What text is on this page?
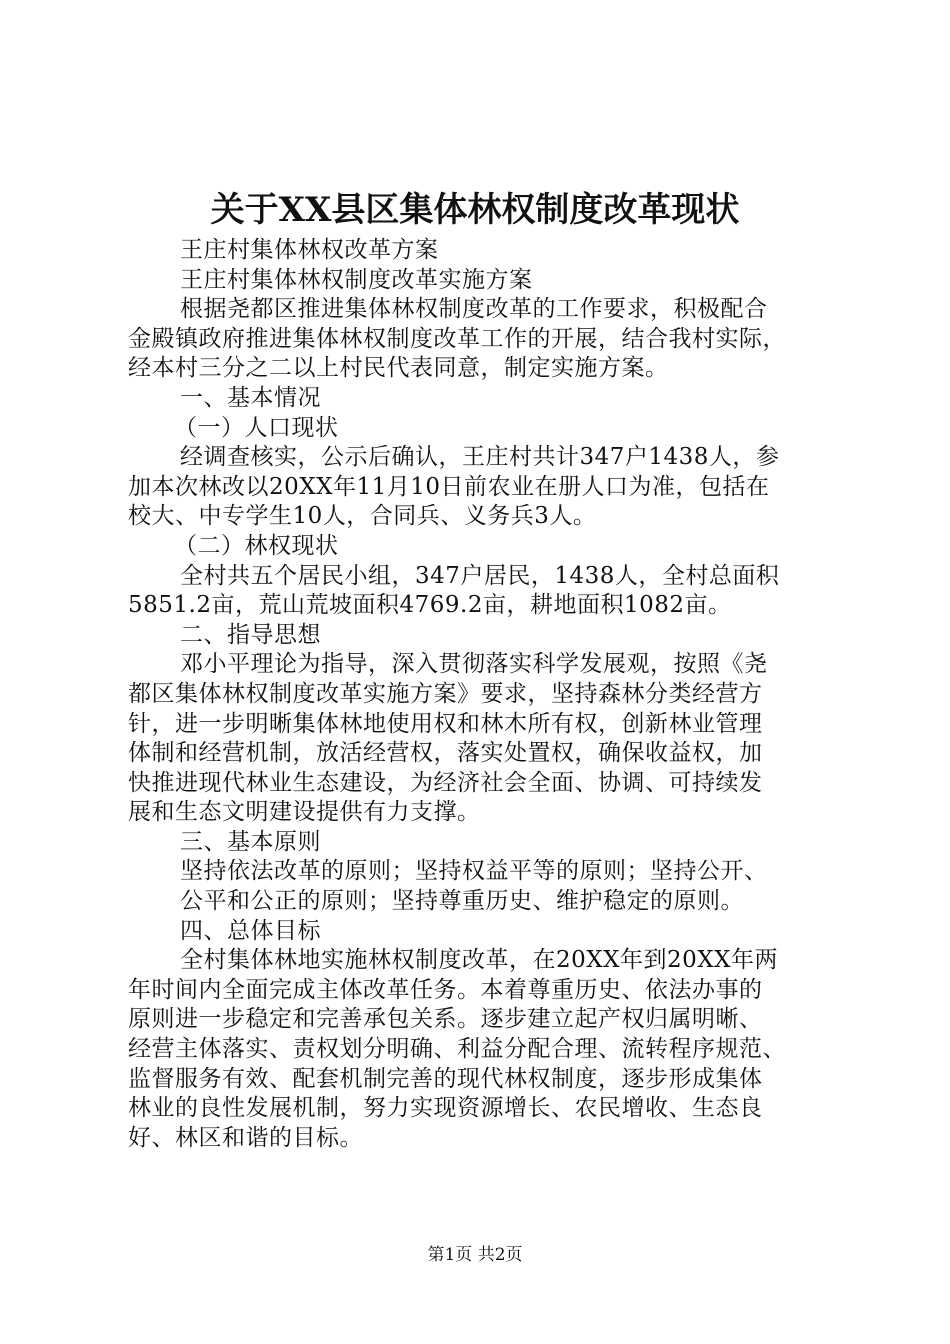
关于XX县区集体林权制度改革现状
王庄村集体林权改革方案
王庄村集体林权制度改革实施方案
根据尧都区推进集体林权制度改革的工作要求，积极配合
金殿镇政府推进集体林权制度改革工作的开展，结合我村实际，
经本村三分之二以上村民代表同意，制定实施方案。
一、基本情况
（一）人口现状
经调查核实，公示后确认，王庄村共计347户1438人，参
加本次林改以20XX年11月10日前农业在册人口为准，包括在
校大、中专学生10人，合同兵、义务兵3人。
（二）林权现状
全村共五个居民小组，347户居民，1438人，全村总面积
5851.2亩，荒山荒坡面积4769.2亩，耕地面积1082亩。
二、指导思想
邓小平理论为指导，深入贯彻落实科学发展观，按照《尧
都区集体林权制度改革实施方案》要求，坚持森林分类经营方
针，进一步明晰集体林地使用权和林木所有权，创新林业管理
体制和经营机制，放活经营权，落实处置权，确保收益权，加
快推进现代林业生态建设，为经济社会全面、协调、可持续发
展和生态文明建设提供有力支撑。
三、基本原则
坚持依法改革的原则；坚持权益平等的原则；坚持公开、
公平和公正的原则；坚持尊重历史、维护稳定的原则。
四、总体目标
全村集体林地实施林权制度改革，在20XX年到20XX年两
年时间内全面完成主体改革任务。本着尊重历史、依法办事的
原则进一步稳定和完善承包关系。逐步建立起产权归属明晰、
经营主体落实、责权划分明确、利益分配合理、流转程序规范、
监督服务有效、配套机制完善的现代林权制度，逐步形成集体
林业的良性发展机制，努力实现资源增长、农民增收、生态良
好、林区和谐的目标。
第1页 共2页
